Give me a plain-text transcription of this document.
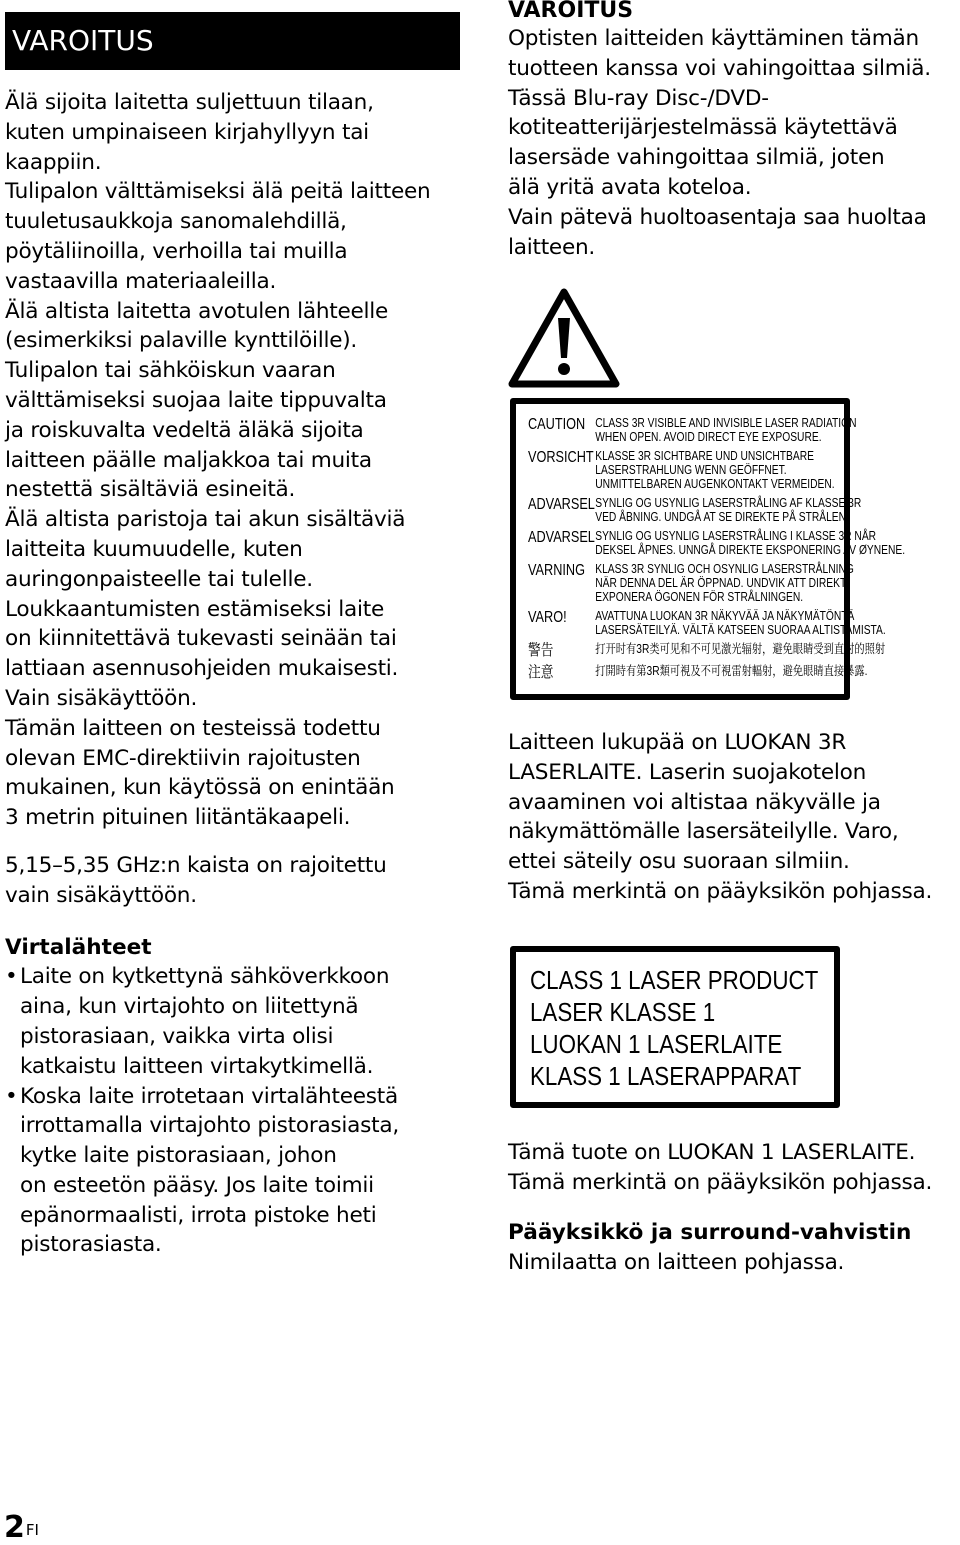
VAROITUS
Älä sijoita laitetta suljettuun tilaan,
kuten umpinaiseen kirjahyllyyn tai
kaappiin.
Tulipalon välttämiseksi älä peitä laitteen
tuuletusaukkoja sanomalehdillä,
pöytäliinoilla, verhoilla tai muilla
vastaavilla materiaaleilla.
Älä altista laitetta avotulen lähteelle
(esimerkiksi palaville kynttilöille).
Tulipalon tai sähköiskun vaaran
välttämiseksi suojaa laite tippuvalta
ja roiskuvalta vedeltä äläkä sijoita
laitteen päälle maljakkoa tai muita
nestettä sisältäviä esineitä.
Älä altista paristoja tai akun sisältäviä
laitteita kuumuudelle, kuten
auringonpaisteelle tai tulelle.
Loukkaantumisten estämiseksi laite
on kiinnitettävä tukevasti seinään tai
lattiaan asennusohjeiden mukaisesti.
Vain sisäkäyttöön.
Tämän laitteen on testeissä todettu
olevan EMC-direktiivin rajoitusten
mukainen, kun käytössä on enintään
3 metrin pituinen liitäntäkaapeli.
5,15–5,35 GHz:n kaista on rajoitettu
vain sisäkäyttöön.
Virtalähteet
• Laite on kytkettynä sähköverkkoon
aina, kun virtajohto on liitettynä
pistorasiaan, vaikka virta olisi
katkaistu laitteen virtakytkimellä.
• Koska laite irrotetaan virtalähteestä
irrottamalla virtajohto pistorasiasta,
kytke laite pistorasiaan, johon
on esteetön pääsy. Jos laite toimii
epänormaalisti, irrota pistoke heti
pistorasiasta.
VAROITUS
Optisten laitteiden käyttäminen tämän
tuotteen kanssa voi vahingoittaa silmiä.
Tässä Blu-ray Disc-/DVD-
kotiteatterijärjestelmässä käytettävä
lasersäde vahingoittaa silmiä, joten
älä yritä avata koteloa.
Vain pätevä huoltoasentaja saa huoltaa
laitteen.
CAUTION CLASS 3R VISIBLE AND INVISIBLE LASER RADIATION
WHEN OPEN. AVOID DIRECT EYE EXPOSURE.
VORSICHT KLASSE 3R SICHTBARE UND UNSICHTBARE
LASERSTRAHLUNG WENN GEÖFFNET.
UNMITTELBAREN AUGENKONTAKT VERMEIDEN.
ADVARSEL SYNLIG OG USYNLIG LASERSTRÅLING AF KLASSE 3R
VED ÅBNING. UNDGÅ AT SE DIREKTE PÅ STRÅLEN.
ADVARSEL SYNLIG OG USYNLIG LASERSTRÅLING I KLASSE 3R NÅR
DEKSEL ÅPNES. UNNGÅ DIREKTE EKSPONERING AV ØYNENE.
VARNING KLASS 3R SYNLIG OCH OSYNLIG LASERSTRÅLNING
NÄR DENNA DEL ÄR ÖPPNAD. UNDVIK ATT DIREKT
EXPONERA ÖGONEN FÖR STRÅLNINGEN.
VARO!	AVATTUNA LUOKAN 3R NÄKYVÄÄ JA NÄKYMÄTÖNTÄ
LASERSÄTEILYÄ. VÄLTÄ KATSEEN SUORAA ALTISTAMISTA.
警告	打开时有3R类可见和不可见激光辐射，避免眼睛受到直射的照射
注意	打開時有第3R類可視及不可視雷射輻射，避免眼睛直接暴露.
Laitteen lukupää on LUOKAN 3R
LASERLAITE. Laserin suojakotelon
avaaminen voi altistaa näkyvälle ja
näkymättömälle lasersäteilylle. Varo,
ettei säteily osu suoraan silmiin.
Tämä merkintä on pääyksikön pohjassa.
CLASS 1 LASER PRODUCT
LASER KLASSE 1
LUOKAN 1 LASERLAITE
KLASS 1 LASERAPPARAT
Tämä tuote on LUOKAN 1 LASERLAITE.
Tämä merkintä on pääyksikön pohjassa.
Pääyksikkö ja surround-vahvistin
Nimilaatta on laitteen pohjassa.
$2^{FI}$
